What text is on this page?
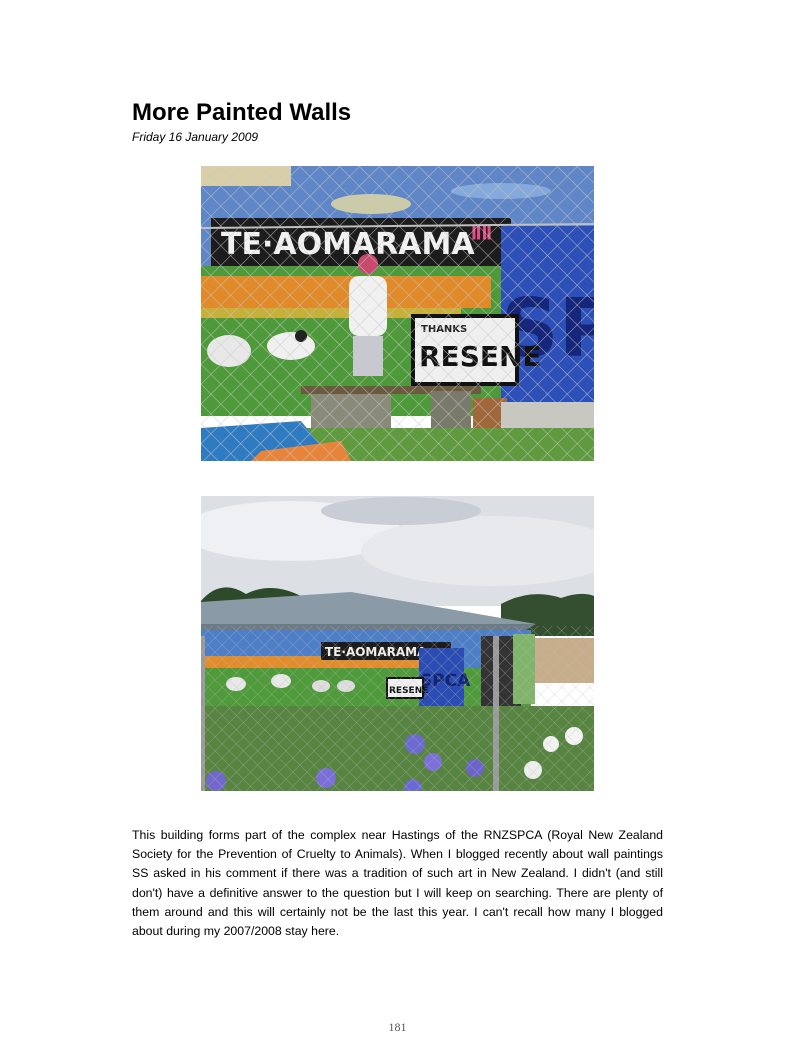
More Painted Walls

Friday 16 January 2009

This building forms part of the complex near Hastings of the RNZSPCA (Royal New Zealand Society for the Prevention of Cruelty to Animals). When I blogged recently about wall paintings SS asked in his comment if there was a tradition of such art in New Zealand. I didn't (and still don't) have a definitive answer to the question but I will keep on searching. There are plenty of them around and this will certainly not be the last this year. I can't recall how many I blogged about during my 2007/2008 stay here.

181
